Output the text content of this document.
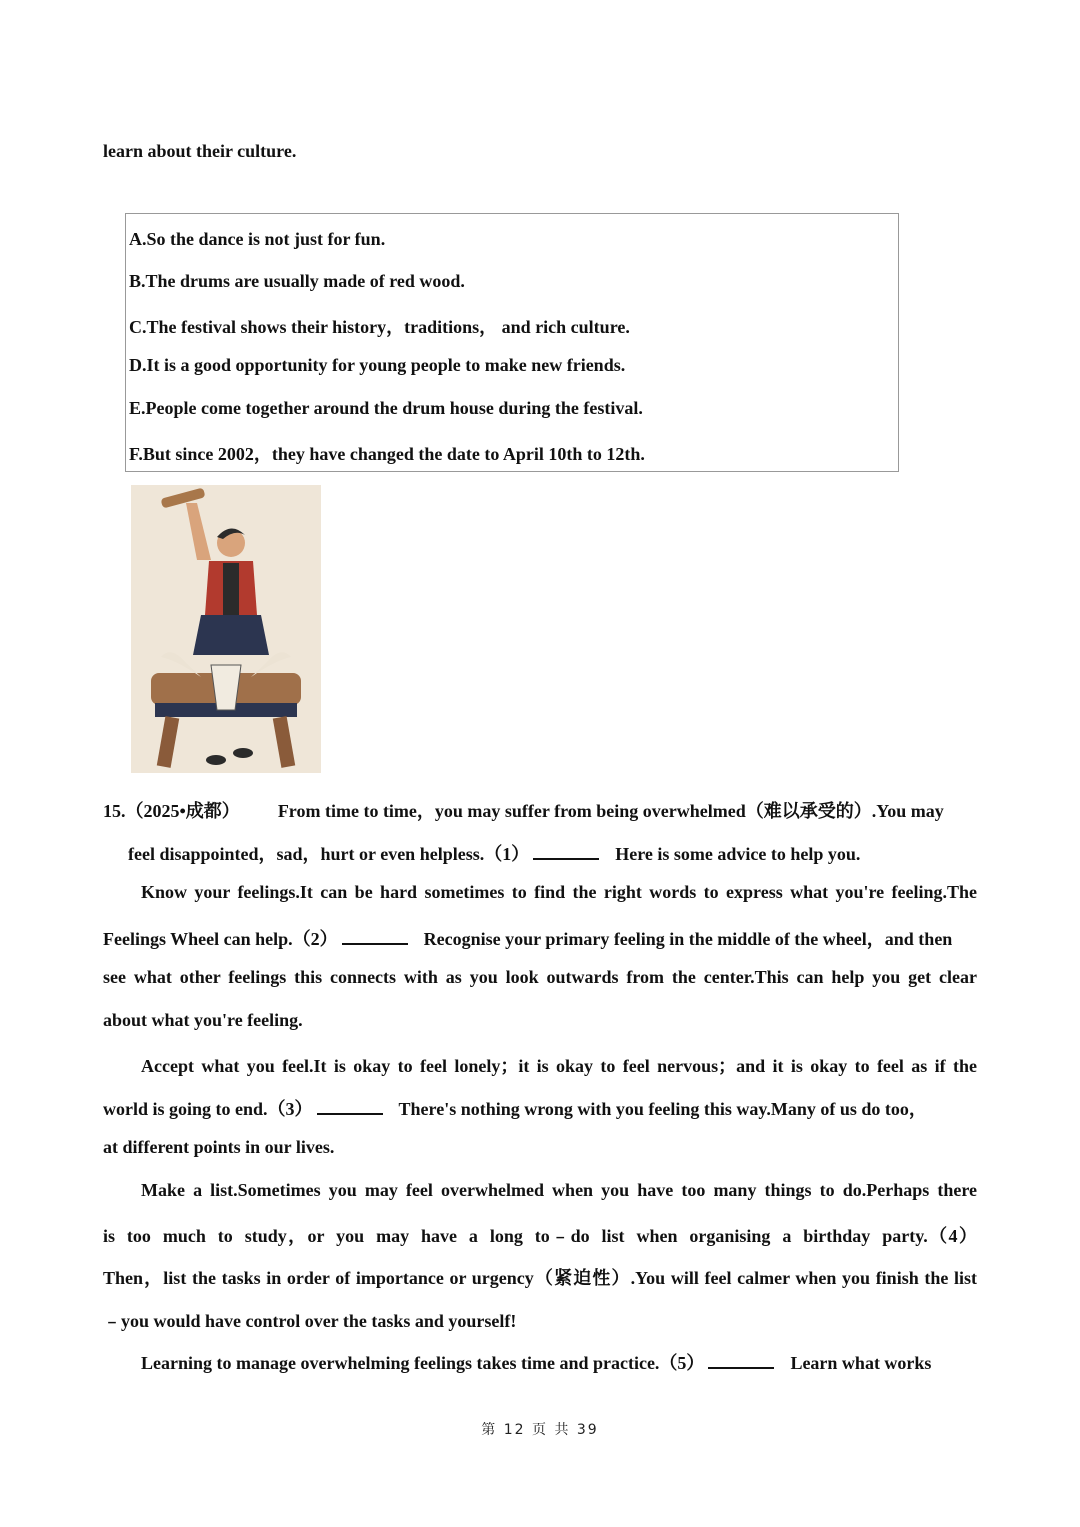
learn about their culture.
A.So the dance is not just for fun.
B.The drums are usually made of red wood.
C.The festival shows their history，traditions， and rich culture.
D.It is a good opportunity for young people to make new friends.
E.People come together around the drum house during the festival.
F.But since 2002，they have changed the date to April 10th to 12th.
15.（2025•成都） From time to time，you may suffer from being overwhelmed（难以承受的）.You may
feel disappointed，sad，hurt or even helpless.（1）	Here is some advice to help you.
Know your feelings.It can be hard sometimes to find the right words to express what you're feeling.The
Feelings Wheel can help.（2）	Recognise your primary feeling in the middle of the wheel，and then
see what other feelings this connects with as you look outwards from the center.This can help you get clear
about what you're feeling.
Accept what you feel.It is okay to feel lonely；it is okay to feel nervous；and it is okay to feel as if the
world is going to end.（3）	There's nothing wrong with you feeling this way.Many of us do too，
at different points in our lives.
Make a list.Sometimes you may feel overwhelmed when you have too many things to do.Perhaps there
is too much to study，or you may have a long to﹣do list when organising a birthday party.（4）
Then，list the tasks in order of importance or urgency（紧迫性）.You will feel calmer when you finish the list
﹣you would have control over the tasks and yourself!
Learning to manage overwhelming feelings takes time and practice.（5）	Learn what works
第 12 页 共 39
